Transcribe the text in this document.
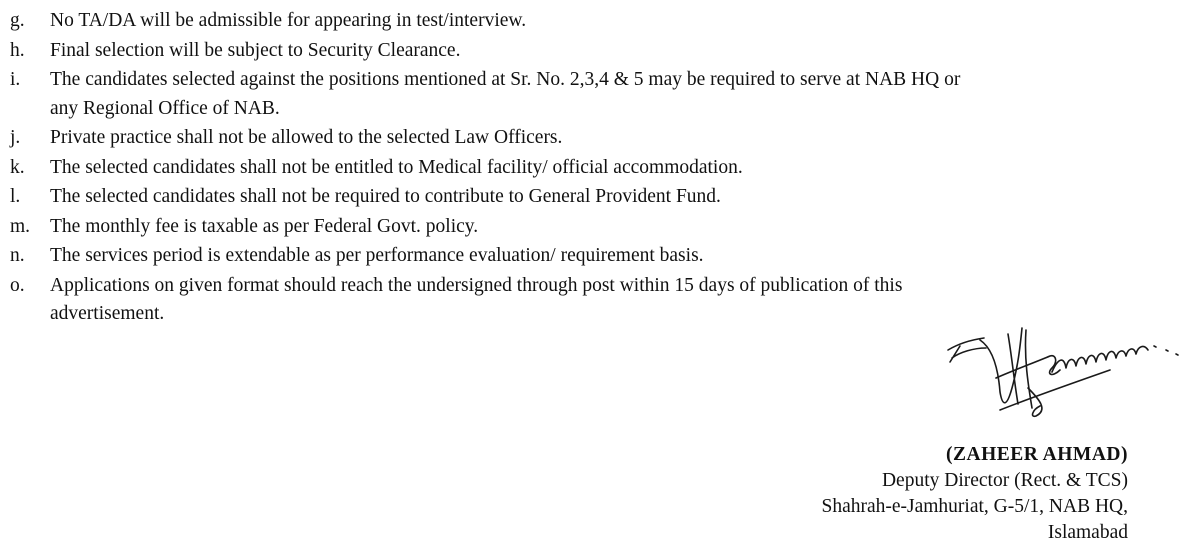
g.	No TA/DA will be admissible for appearing in test/interview.
h.	Final selection will be subject to Security Clearance.
i.	The candidates selected against the positions mentioned at Sr. No. 2,3,4 & 5 may be required to serve at NAB HQ or
any Regional Office of NAB.
j.	Private practice shall not be allowed to the selected Law Officers.
k.	The selected candidates shall not be entitled to Medical facility/ official accommodation.
l.	The selected candidates shall not be required to contribute to General Provident Fund.
m.	The monthly fee is taxable as per Federal Govt. policy.
n.	The services period is extendable as per performance evaluation/ requirement basis.
o.	Applications on given format should reach the undersigned through post within 15 days of publication of this
advertisement.
(ZAHEER AHMAD)
Deputy Director (Rect. & TCS)
Shahrah-e-Jamhuriat, G-5/1, NAB HQ,
Islamabad
